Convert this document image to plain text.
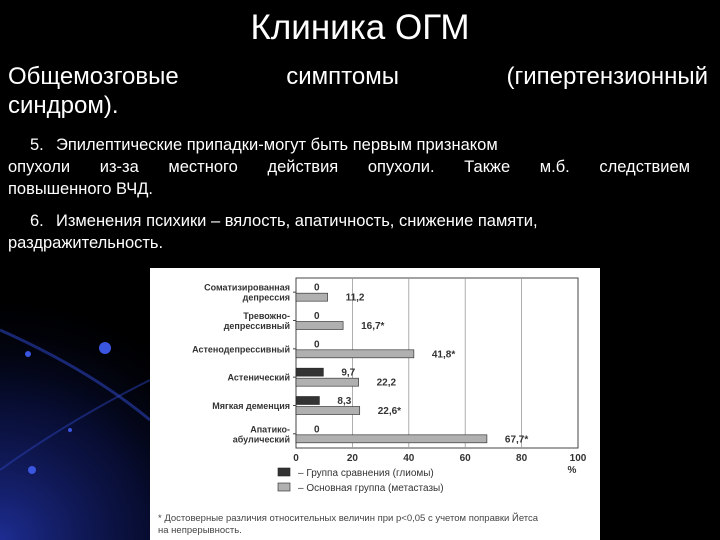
Клиника ОГМ
Общемозговые	симптомы	(гипертензионный
синдром).
5. Эпилептические припадки-могут быть первым признаком
опухоли из-за местного действия опухоли. Также м.б. следствием
повышенного ВЧД.
6. Изменения психики – вялость, апатичность, снижение памяти,
раздражительность.
0	20	40	60	80	100
%
Соматизированная
депрессия
0
11,2
Тревожно-
депрессивный
0
16,7*
Астенодепрессивный 0
41,8*
Астенический	9,7
22,2
Мягкая деменция	8,3
22,6*
Апатико-
абулический
0
67,7*
– Группа сравнения (глиомы)
– Основная группа (метастазы)
* Достоверные различия относительных величин при р<0,05 с учетом поправки Йетса
на непрерывность.
